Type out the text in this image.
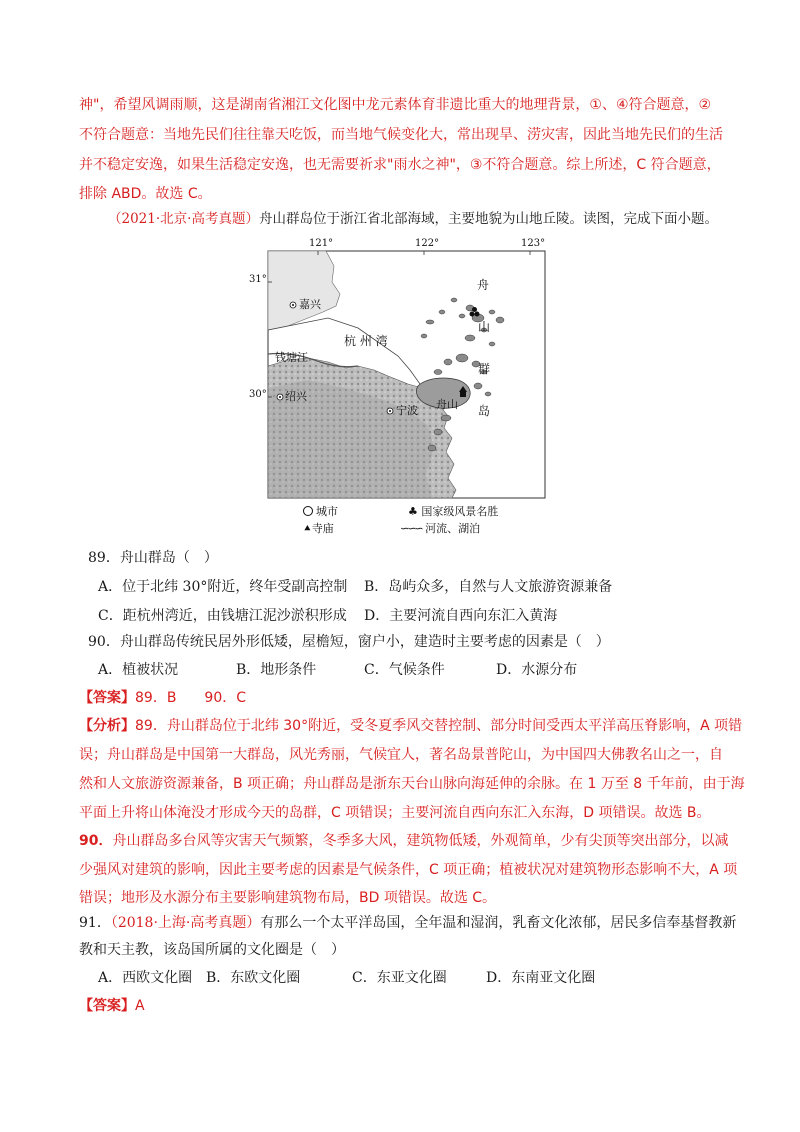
神"，希望风调雨顺，这是湖南省湘江文化图中龙元素体育非遗比重大的地理背景，①、④符合题意，②
不符合题意：当地先民们往往靠天吃饭，而当地气候变化大，常出现旱、涝灾害，因此当地先民们的生活
并不稳定安逸，如果生活稳定安逸，也无需要祈求"雨水之神"，③不符合题意。综上所述，C 符合题意，
排除 ABD。故选 C。
（2021·北京·高考真题）舟山群岛位于浙江省北部海域，主要地貌为山地丘陵。读图，完成下面小题。
121°	122°	123°
31°
30°
嘉兴
杭 州 湾
钱塘江
绍兴
宁波 舟山
舟
山
群
岛
城市	♣ 国家级风景名胜
⯅寺庙	∽∽∽ 河流、湖泊
89．舟山群岛（　）
A．位于北纬 30°附近，终年受副高控制 B．岛屿众多，自然与人文旅游资源兼备
C．距杭州湾近，由钱塘江泥沙淤积形成 D．主要河流自西向东汇入黄海
90．舟山群岛传统民居外形低矮，屋檐短，窗户小，建造时主要考虑的因素是（　）
A．植被状况	B．地形条件	C．气候条件	D．水源分布
【答案】89．B　　90．C
【分析】89．舟山群岛位于北纬 30°附近，受冬夏季风交替控制、部分时间受西太平洋高压脊影响，A 项错
误；舟山群岛是中国第一大群岛，风光秀丽，气候宜人，著名岛景普陀山，为中国四大佛教名山之一，自
然和人文旅游资源兼备，B 项正确；舟山群岛是浙东天台山脉向海延伸的余脉。在 1 万至 8 千年前，由于海
平面上升将山体淹没才形成今天的岛群，C 项错误；主要河流自西向东汇入东海，D 项错误。故选 B。
90．舟山群岛多台风等灾害天气频繁，冬季多大风，建筑物低矮，外观简单，少有尖顶等突出部分，以减
少强风对建筑的影响，因此主要考虑的因素是气候条件，C 项正确；植被状况对建筑物形态影响不大，A 项
错误；地形及水源分布主要影响建筑物布局，BD 项错误。故选 C。
91．（2018·上海·高考真题）有那么一个太平洋岛国，全年温和湿润，乳畜文化浓郁，居民多信奉基督教新
教和天主教，该岛国所属的文化圈是（　）
A．西欧文化圈 B．东欧文化圈	C．东亚文化圈	D．东南亚文化圈
【答案】A
